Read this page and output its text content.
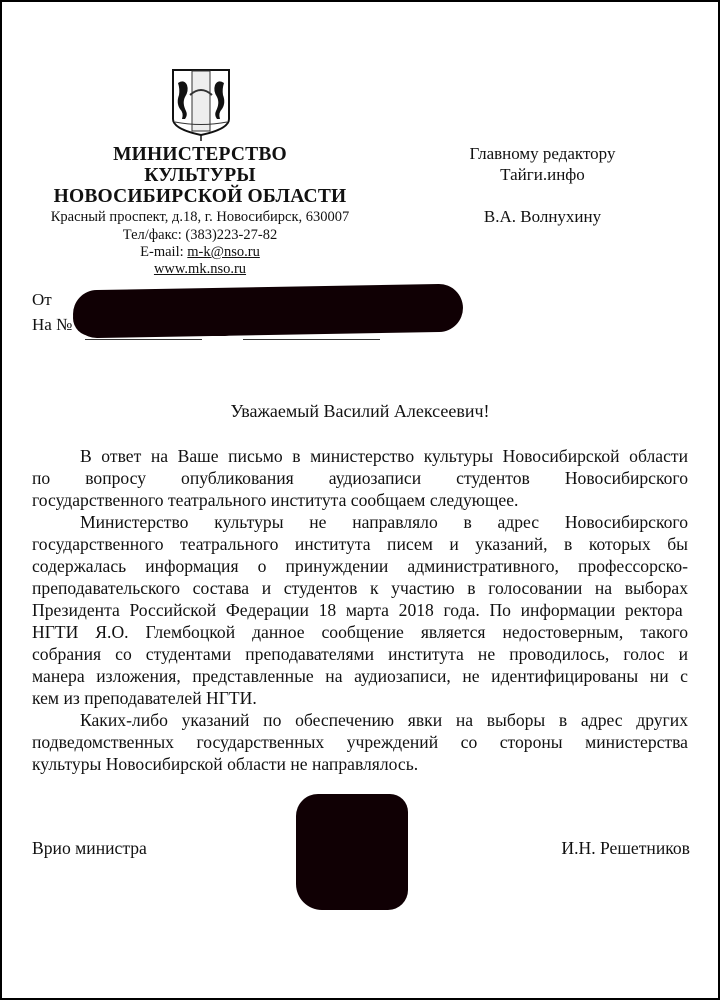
МИНИСТЕРСТВО
КУЛЬТУРЫ
НОВОСИБИРСКОЙ ОБЛАСТИ
Красный проспект, д.18, г. Новосибирск, 630007
Тел/факс: (383)223-27-82
E-mail: m-k@nso.ru
www.mk.nso.ru
Главному редактору
Тайги.инфо
В.А. Волнухину
От
На №
Уважаемый Василий Алексеевич!
В ответ на Ваше письмо в министерство культуры Новосибирской области
по вопросу опубликования аудиозаписи студентов Новосибирского
государственного театрального института сообщаем следующее.
Министерство культуры не направляло в адрес Новосибирского
государственного театрального института писем и указаний, в которых бы
содержалась информация о принуждении административного, профессорско-
преподавательского состава и студентов к участию в голосовании на выборах
Президента Российской Федерации 18 марта 2018 года. По информации ректора
НГТИ Я.О. Глембоцкой данное сообщение является недостоверным, такого
собрания со студентами преподавателями института не проводилось, голос и
манера изложения, представленные на аудиозаписи, не идентифицированы ни с
кем из преподавателей НГТИ.
Каких-либо указаний по обеспечению явки на выборы в адрес других
подведомственных государственных учреждений со стороны министерства
культуры Новосибирской области не направлялось.
Врио министра	И.Н. Решетников
